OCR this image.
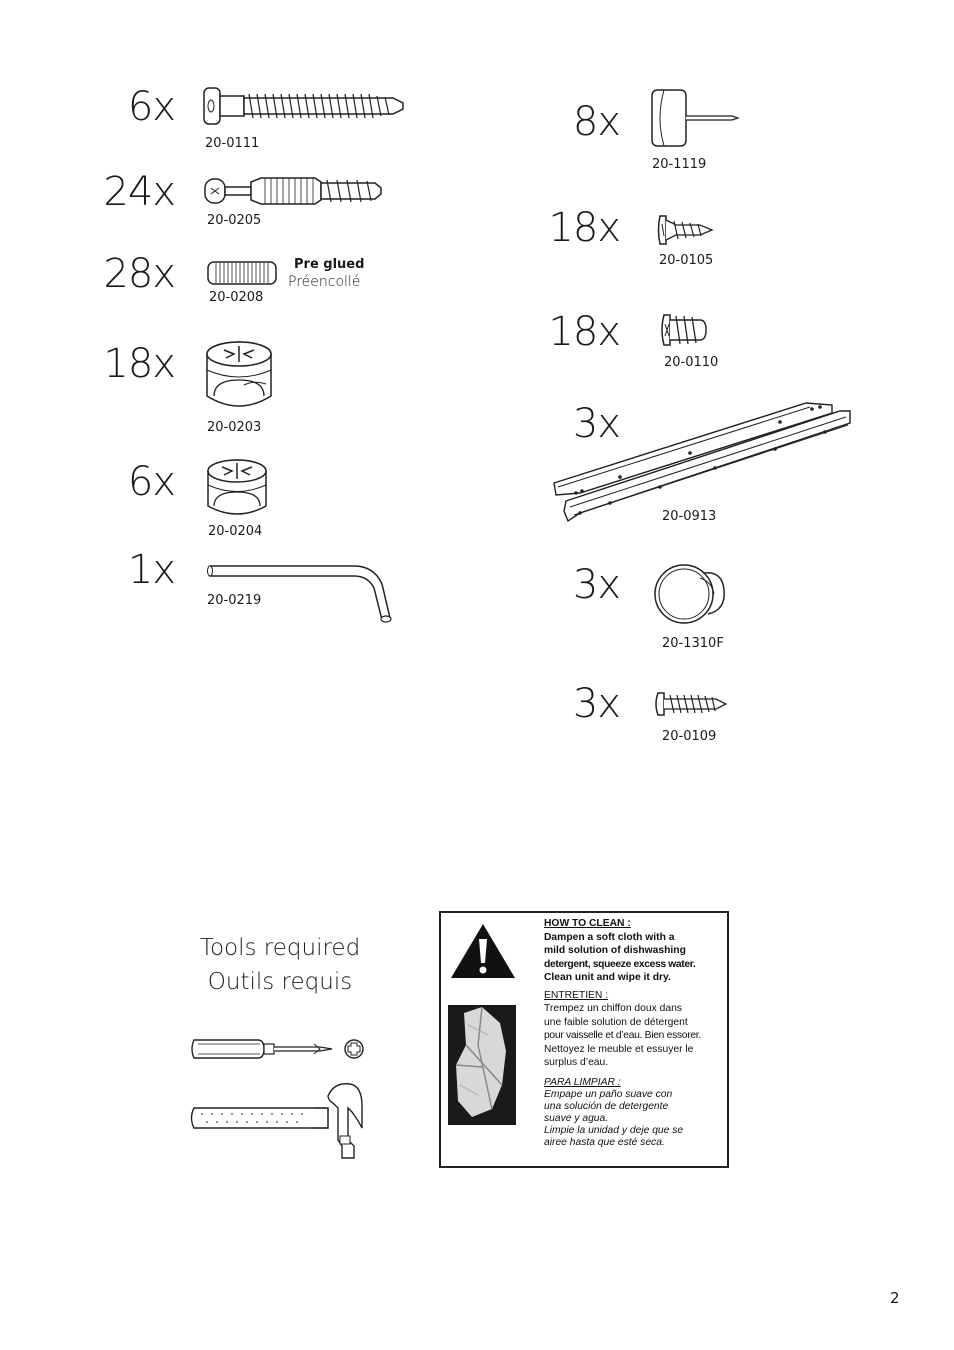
6x
20-0111
24x
20-0205
28x	Pre glued
Préencollé
20-0208
18x
20-0203
6x
20-0204
1x
20-0219
8x
20-1119
18x
20-0105
18x
20-0110
3x
20-0913
3x
20-1310F
3x
20-0109
Tools required
Outils requis
HOW TO CLEAN :
Dampen a soft cloth with a
mild solution of dishwashing
detergent, squeeze excess water.
Clean unit and wipe it dry.
ENTRETIEN :
Trempez un chiffon doux dans
une faible solution de détergent
pour vaisselle et d’eau. Bien essorer.
Nettoyez le meuble et essuyer le
surplus d’eau.
PARA LIMPIAR :
Empape un paño suave con
una solución de detergente
suave y agua.
Limpie la unidad y deje que se
airee hasta que esté seca.
2
